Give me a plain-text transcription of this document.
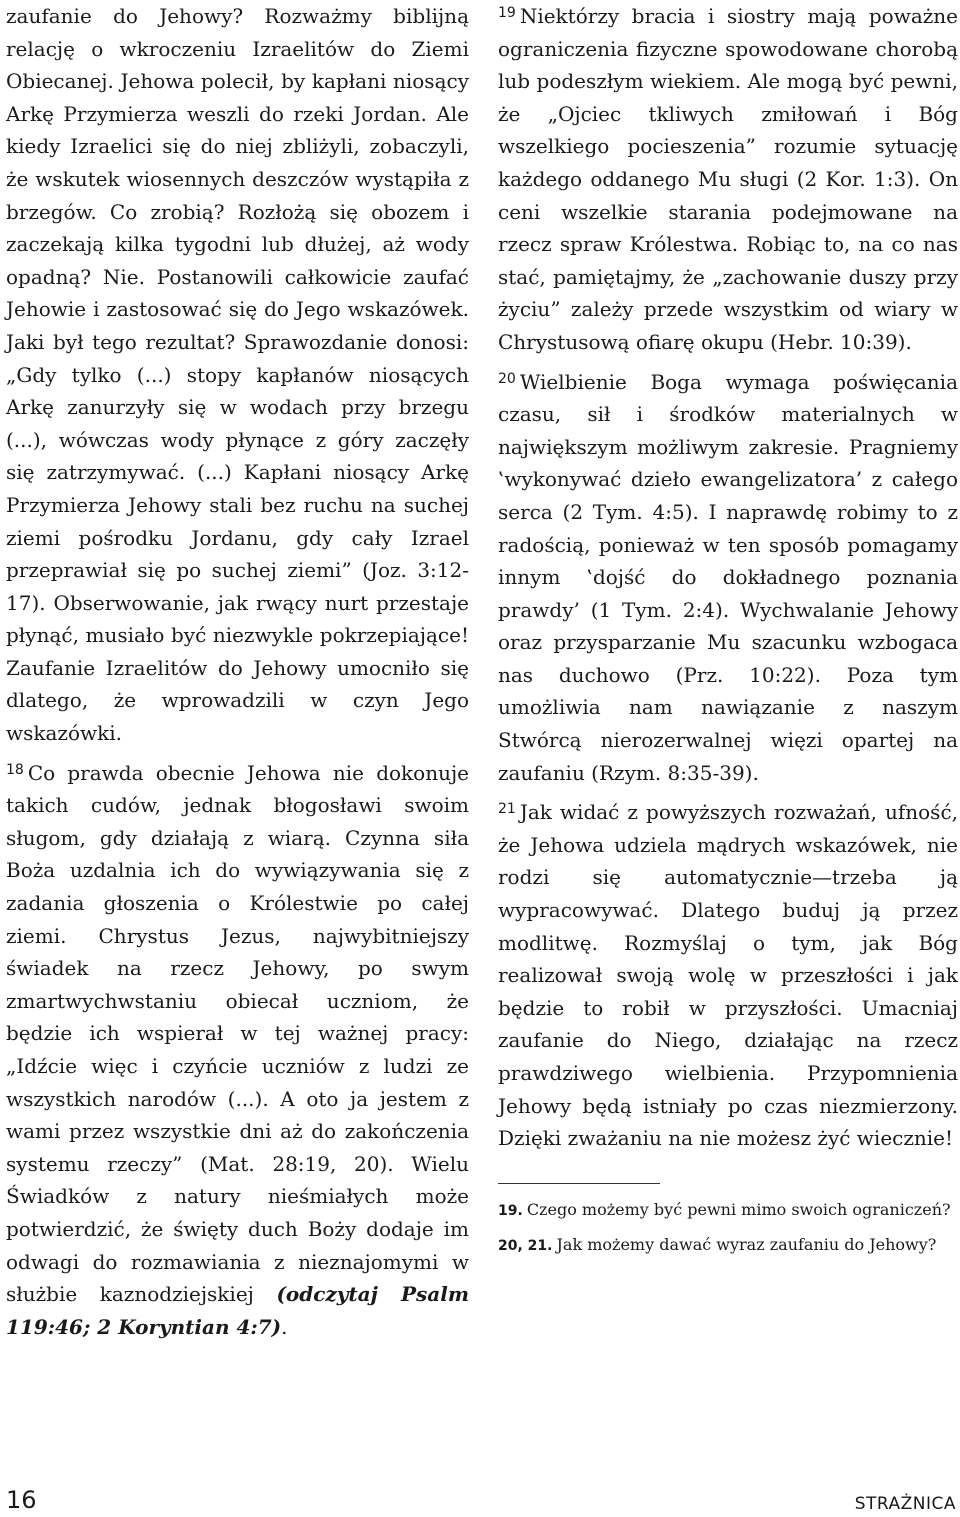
zaufanie do Jehowy? Rozważmy biblijną relację o wkroczeniu Izraelitów do Ziemi Obiecanej. Jehowa polecił, by kapłani niosący Arkę Przymierza weszli do rzeki Jordan. Ale kiedy Izraelici się do niej zbliżyli, zobaczyli, że wskutek wiosennych deszczów wystąpiła z brzegów. Co zrobią? Rozłożą się obozem i zaczekają kilka tygodni lub dłużej, aż wody opadną? Nie. Postanowili całkowicie zaufać Jehowie i zastosować się do Jego wskazówek. Jaki był tego rezultat? Sprawozdanie donosi: „Gdy tylko (...) stopy kapłanów niosących Arkę zanurzyły się w wodach przy brzegu (...), wówczas wody płynące z góry zaczęły się zatrzymywać. (...) Kapłani niosący Arkę Przymierza Jehowy stali bez ruchu na suchej ziemi pośrodku Jordanu, gdy cały Izrael przeprawiał się po suchej ziemi” (Joz. 3:12-17). Obserwowanie, jak rwący nurt przestaje płynąć, musiało być niezwykle pokrzepiające! Zaufanie Izraelitów do Jehowy umocniło się dlatego, że wprowadzili w czyn Jego wskazówki.

$^{18}$ Co prawda obecnie Jehowa nie dokonuje takich cudów, jednak błogosławi swoim sługom, gdy działają z wiarą. Czynna siła Boża uzdalnia ich do wywiązywania się z zadania głoszenia o Królestwie po całej ziemi. Chrystus Jezus, najwybitniejszy świadek na rzecz Jehowy, po swym zmartwychwstaniu obiecał uczniom, że będzie ich wspierał w tej ważnej pracy: „Idźcie więc i czyńcie uczniów z ludzi ze wszystkich narodów (...). A oto ja jestem z wami przez wszystkie dni aż do zakończenia systemu rzeczy” (Mat. 28:19, 20). Wielu Świadków z natury nieśmiałych może potwierdzić, że święty duch Boży dodaje im odwagi do rozmawiania z nieznajomymi w służbie kaznodziejskiej (odczytaj Psalm 119:46; 2 Koryntian 4:7).

$^{19}$ Niektórzy bracia i siostry mają poważne ograniczenia fizyczne spowodowane chorobą lub podeszłym wiekiem. Ale mogą być pewni, że „Ojciec tkliwych zmiłowań i Bóg wszelkiego pocieszenia” rozumie sytuację każdego oddanego Mu sługi (2 Kor. 1:3). On ceni wszelkie starania podejmowane na rzecz spraw Królestwa. Robiąc to, na co nas stać, pamiętajmy, że „zachowanie duszy przy życiu” zależy przede wszystkim od wiary w Chrystusową ofiarę okupu (Hebr. 10:39).

$^{20}$ Wielbienie Boga wymaga poświęcania czasu, sił i środków materialnych w największym możliwym zakresie. Pragniemy ‛wykonywać dzieło ewangelizatora’ z całego serca (2 Tym. 4:5). I naprawdę robimy to z radością, ponieważ w ten sposób pomagamy innym ‛dojść do dokładnego poznania prawdy’ (1 Tym. 2:4). Wychwalanie Jehowy oraz przysparzanie Mu szacunku wzbogaca nas duchowo (Prz. 10:22). Poza tym umożliwia nam nawiązanie z naszym Stwórcą nierozerwalnej więzi opartej na zaufaniu (Rzym. 8:35-39).

$^{21}$ Jak widać z powyższych rozważań, ufność, że Jehowa udziela mądrych wskazówek, nie rodzi się automatycznie—trzeba ją wypracowywać. Dlatego buduj ją przez modlitwę. Rozmyślaj o tym, jak Bóg realizował swoją wolę w przeszłości i jak będzie to robił w przyszłości. Umacniaj zaufanie do Niego, działając na rzecz prawdziwego wielbienia. Przypomnienia Jehowy będą istniały po czas niezmierzony. Dzięki zważaniu na nie możesz żyć wiecznie!

19. Czego możemy być pewni mimo swoich ograniczeń?

20, 21. Jak możemy dawać wyraz zaufaniu do Jehowy?

16	STRAŻNICA
